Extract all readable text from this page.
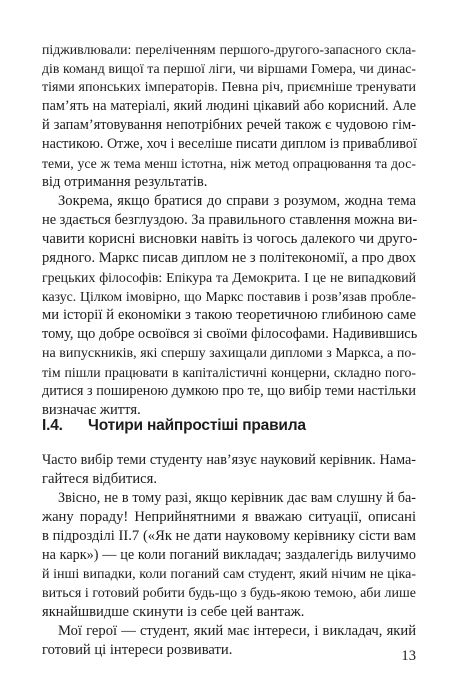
підживлювали: переліченням першого-другого-запасного скла-
дів команд вищої та першої ліги, чи віршами Гомера, чи динас-
тіями японських імператорів. Певна річ, приємніше тренувати
пам’ять на матеріалі, який людині цікавий або корисний. Але
й запам’ятовування непотрібних речей також є чудовою гім-
настикою. Отже, хоч і веселіше писати диплом із привабливої
теми, усе ж тема менш істотна, ніж метод опрацювання та дос-
від отримання результатів.
Зокрема, якщо братися до справи з розумом, жодна тема
не здається безглуздою. За правильного ставлення можна ви-
чавити корисні висновки навіть із чогось далекого чи друго-
рядного. Маркс писав диплом не з політекономії, а про двох
грецьких філософів: Епікура та Демокрита. І це не випадковий
казус. Цілком імовірно, що Маркс поставив і розв’язав пробле-
ми історії й економіки з такою теоретичною глибиною саме
тому, що добре освоївся зі своїми філософами. Надивившись
на випускників, які спершу захищали дипломи з Маркса, а по-
тім пішли працювати в капіталістичні концерни, складно пого-
дитися з поширеною думкою про те, що вибір теми настільки
визначає життя.
I.4. Чотири найпростіші правила
Часто вибір теми студенту нав’язує науковий керівник. Нама-
гайтеся відбитися.
Звісно, не в тому разі, якщо керівник дає вам слушну й ба-
жану пораду! Неприйнятними я вважаю ситуації, описані
в підрозділі II.7 («Як не дати науковому керівнику сісти вам
на карк») — це коли поганий викладач; заздалегідь вилучимо
й інші випадки, коли поганий сам студент, який нічим не ціка-
виться і готовий робити будь-що з будь-якою темою, аби лише
якнайшвидше скинути із себе цей вантаж.
Мої герої — студент, який має інтереси, і викладач, який
готовий ці інтереси розвивати.	13
